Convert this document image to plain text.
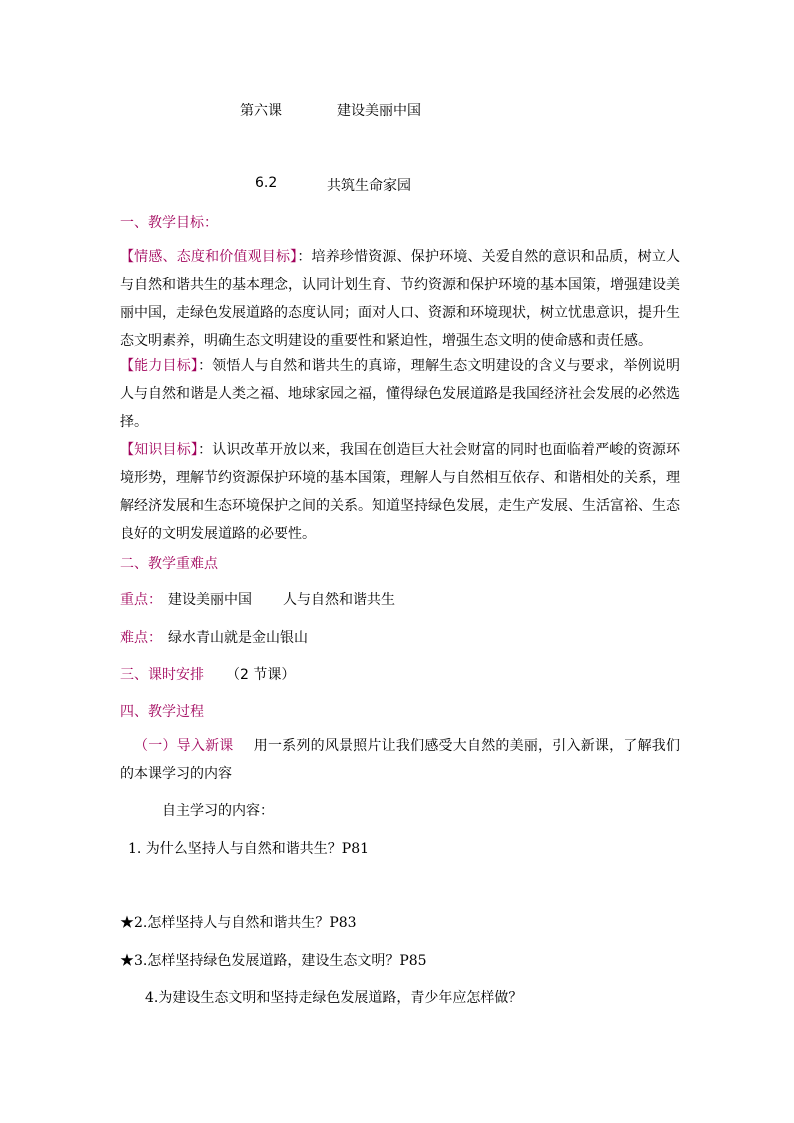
第六课	建设美丽中国
6.2	共筑生命家园
一、教学目标：
【情感、态度和价值观目标】：培养珍惜资源、保护环境、关爱自然的意识和品质，树立人与自然和谐共生的基本理念，认同计划生育、节约资源和保护环境的基本国策，增强建设美丽中国，走绿色发展道路的态度认同；面对人口、资源和环境现状，树立忧患意识，提升生态文明素养，明确生态文明建设的重要性和紧迫性，增强生态文明的使命感和责任感。
【能力目标】：领悟人与自然和谐共生的真谛，理解生态文明建设的含义与要求，举例说明人与自然和谐是人类之福、地球家园之福，懂得绿色发展道路是我国经济社会发展的必然选择。
【知识目标】：认识改革开放以来，我国在创造巨大社会财富的同时也面临着严峻的资源环境形势，理解节约资源保护环境的基本国策，理解人与自然相互依存、和谐相处的关系，理解经济发展和生态环境保护之间的关系。知道坚持绿色发展，走生产发展、生活富裕、生态良好的文明发展道路的必要性。
二、教学重难点
重点： 建设美丽中国 人与自然和谐共生
难点： 绿水青山就是金山银山
三、课时安排 （2 节课）
四、教学过程
（一）导入新课 用一系列的风景照片让我们感受大自然的美丽，引入新课，了解我们的本课学习的内容
自主学习的内容：
1. 为什么坚持人与自然和谐共生？P81
★2.怎样坚持人与自然和谐共生？P83
★3.怎样坚持绿色发展道路，建设生态文明？P85
4.为建设生态文明和坚持走绿色发展道路，青少年应怎样做？
